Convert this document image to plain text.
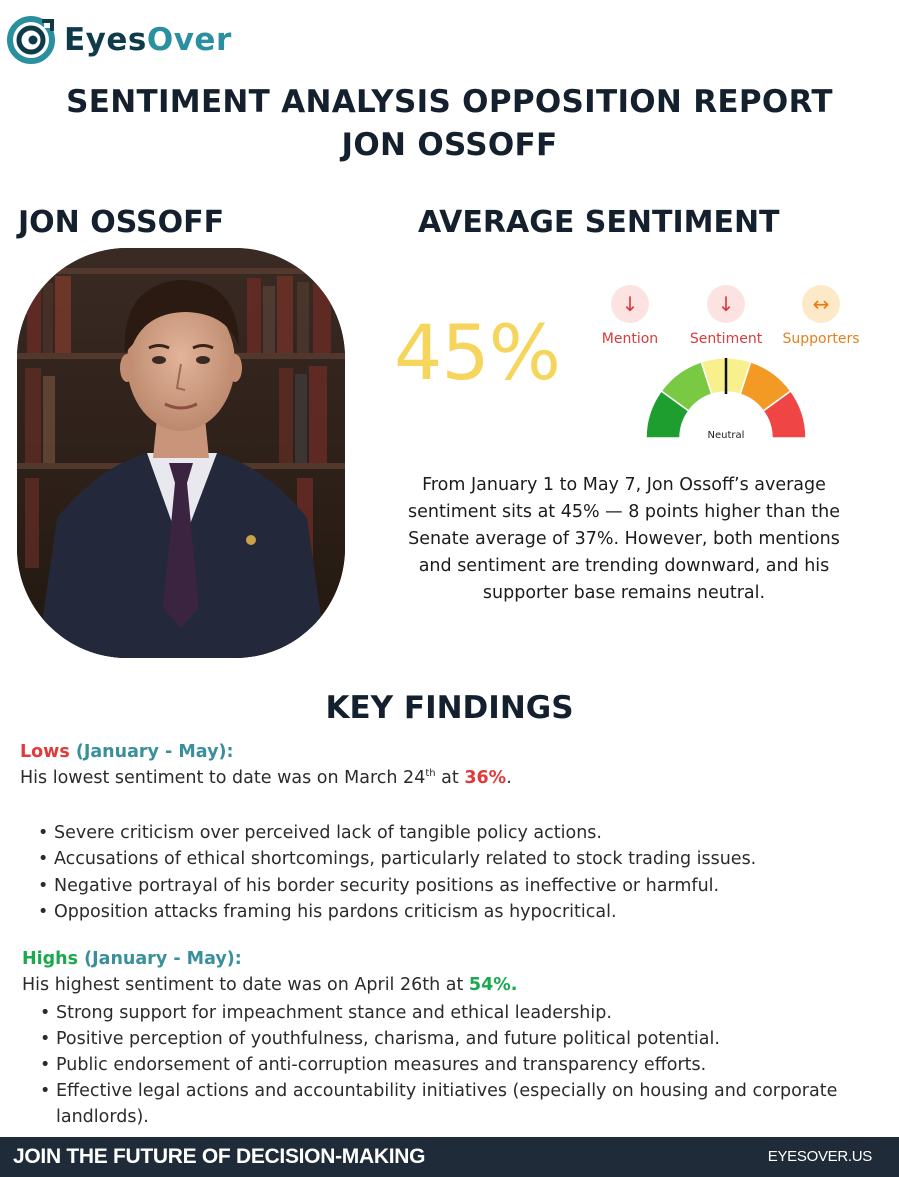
EyesOver
SENTIMENT ANALYSIS OPPOSITION REPORT
JON OSSOFF
JON OSSOFF	AVERAGE SENTIMENT
45%
↓
Mention
↓
Sentiment
↔
Supporters
Neutral
From January 1 to May 7, Jon Ossoff’s average sentiment sits at 45% — 8 points higher than the Senate average of 37%. However, both mentions and sentiment are trending downward, and his supporter base remains neutral.
KEY FINDINGS
Lows (January - May):
His lowest sentiment to date was on March 24th at 36%.
• Severe criticism over perceived lack of tangible policy actions.
• Accusations of ethical shortcomings, particularly related to stock trading issues.
• Negative portrayal of his border security positions as ineffective or harmful.
• Opposition attacks framing his pardons criticism as hypocritical.
Highs (January - May):
His highest sentiment to date was on April 26th at 54%.
• Strong support for impeachment stance and ethical leadership.
• Positive perception of youthfulness, charisma, and future political potential.
• Public endorsement of anti-corruption measures and transparency efforts.
• Effective legal actions and accountability initiatives (especially on housing and corporate landlords).
JOIN THE FUTURE OF DECISION-MAKING	EYESOVER.US
